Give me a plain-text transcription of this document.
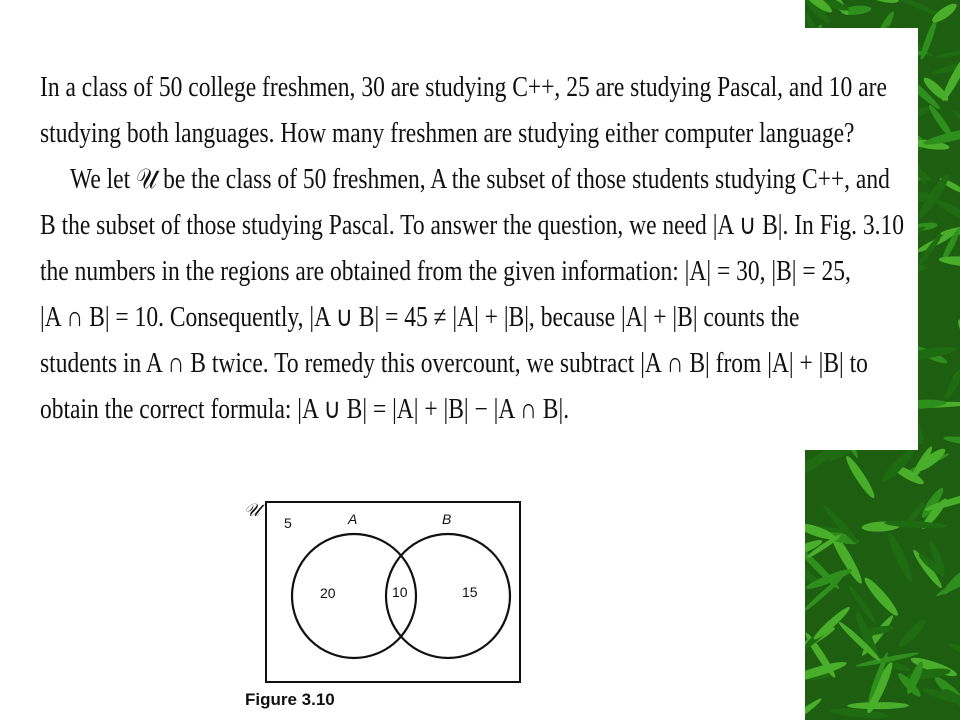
In a class of 50 college freshmen, 30 are studying C++, 25 are studying Pascal, and 10 are
studying both languages. How many freshmen are studying either computer language?
We let 𝒰 be the class of 50 freshmen, A the subset of those students studying C++, and
B the subset of those studying Pascal. To answer the question, we need |A ∪ B|. In Fig. 3.10
the numbers in the regions are obtained from the given information: |A| = 30, |B| = 25,
|A ∩ B| = 10. Consequently, |A ∪ B| = 45 ≠ |A| + |B|, because |A| + |B| counts the
students in A ∩ B twice. To remedy this overcount, we subtract |A ∩ B| from |A| + |B| to
obtain the correct formula: |A ∪ B| = |A| + |B| − |A ∩ B|.
𝒰
5	A	B
20	10	15
Figure 3.10
